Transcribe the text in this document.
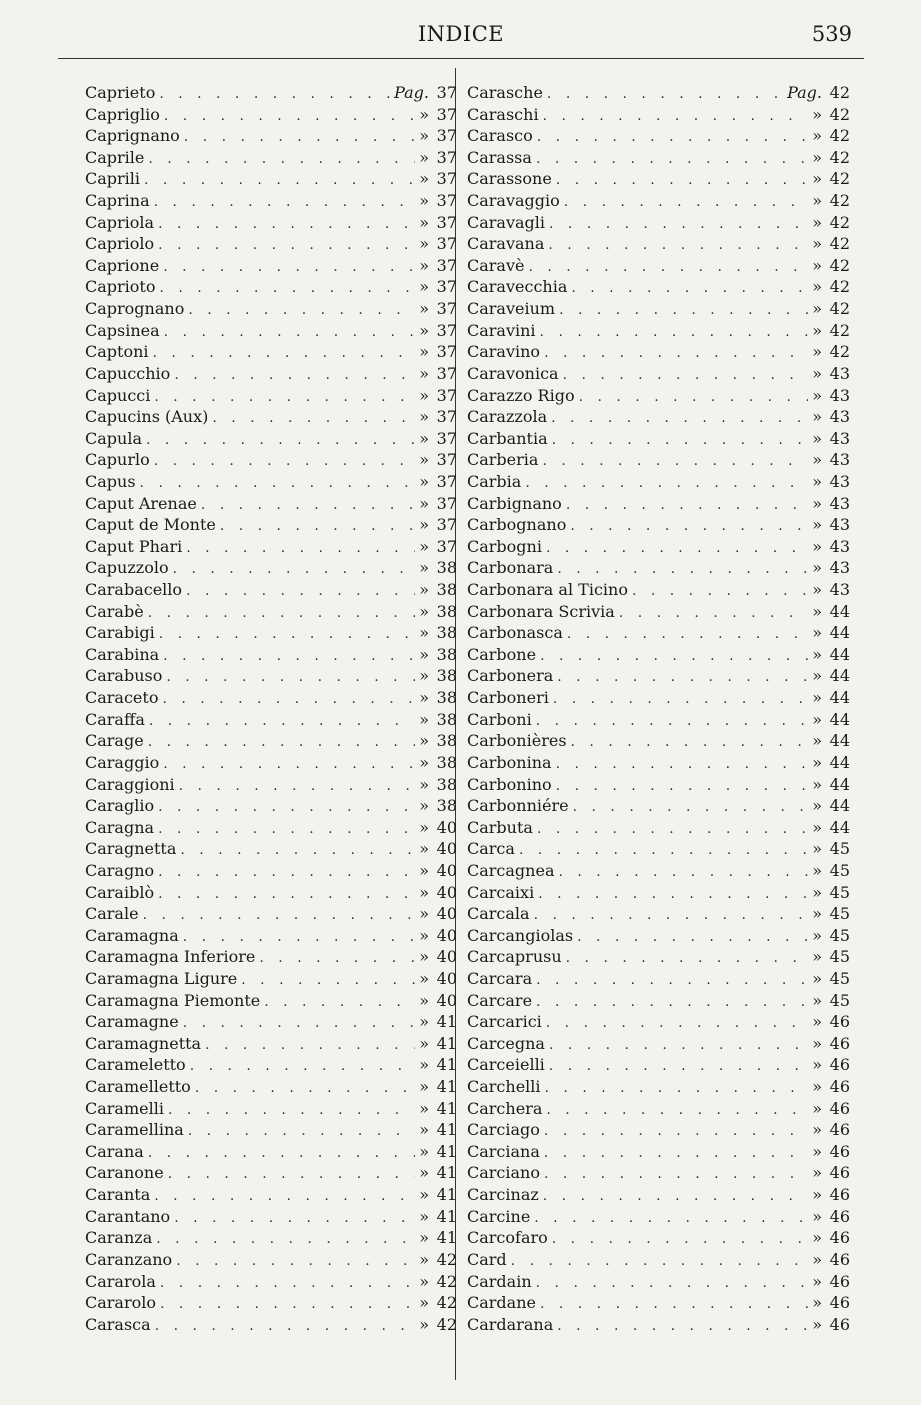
INDICE	539
Caprieto . . .	Pag. 37
Capriglio . . .	» 37
Caprignano . . .	» 37
Caprile . . .	» 37
Caprili . . .	» 37
Caprina . . .	» 37
Capriola . . .	» 37
Capriolo . . .	» 37
Caprione . . .	» 37
Caprioto . . .	» 37
Caprognano . . .	» 37
Capsinea . . .	» 37
Captoni . . .	» 37
Capucchio . . .	» 37
Capucci . . .	» 37
Capucins (Aux) . . .	» 37
Capula . . .	» 37
Capurlo . . .	» 37
Capus . . .	» 37
Caput Arenae . . .	» 37
Caput de Monte . . .	» 37
Caput Phari . . .	» 37
Capuzzolo . . .	» 38
Carabacello . . .	» 38
Carabè . . .	» 38
Carabigi . . .	» 38
Carabina . . .	» 38
Carabuso . . .	» 38
Caraceto . . .	» 38
Caraffa . . .	» 38
Carage . . .	» 38
Caraggio . . .	» 38
Caraggioni . . .	» 38
Caraglio . . .	» 38
Caragna . . .	» 40
Caragnetta . . .	» 40
Caragno . . .	» 40
Caraiblò . . .	» 40
Carale . . .	» 40
Caramagna . . .	» 40
Caramagna Inferiore . . .	» 40
Caramagna Ligure . . .	» 40
Caramagna Piemonte . . .	» 40
Caramagne . . .	» 41
Caramagnetta . . .	» 41
Carameletto . . .	» 41
Caramelletto . . .	» 41
Caramelli . . .	» 41
Caramellina . . .	» 41
Carana . . .	» 41
Caranone . . .	» 41
Caranta . . .	» 41
Carantano . . .	» 41
Caranza . . .	» 41
Caranzano . . .	» 42
Cararola . . .	» 42
Cararolo . . .	» 42
Carasca . . .	» 42
Carasche . . .	Pag. 42
Caraschi . . .	» 42
Carasco . . .	» 42
Carassa . . .	» 42
Carassone . . .	» 42
Caravaggio . . .	» 42
Caravagli . . .	» 42
Caravana . . .	» 42
Caravè . . .	» 42
Caravecchia . . .	» 42
Caraveium . . .	» 42
Caravini . . .	» 42
Caravino . . .	» 42
Caravonica . . .	» 43
Carazzo Rigo . . .	» 43
Carazzola . . .	» 43
Carbantia . . .	» 43
Carberia . . .	» 43
Carbia . . .	» 43
Carbignano . . .	» 43
Carbognano . . .	» 43
Carbogni . . .	» 43
Carbonara . . .	» 43
Carbonara al Ticino . . .	» 43
Carbonara Scrivia . . .	» 44
Carbonasca . . .	» 44
Carbone . . .	» 44
Carbonera . . .	» 44
Carboneri . . .	» 44
Carboni . . .	» 44
Carbonières . . .	» 44
Carbonina . . .	» 44
Carbonino . . .	» 44
Carbonniére . . .	» 44
Carbuta . . .	» 44
Carca . . .	» 45
Carcagnea . . .	» 45
Carcaixi . . .	» 45
Carcala . . .	» 45
Carcangiolas . . .	» 45
Carcaprusu . . .	» 45
Carcara . . .	» 45
Carcare . . .	» 45
Carcarici . . .	» 46
Carcegna . . .	» 46
Carceielli . . .	» 46
Carchelli . . .	» 46
Carchera . . .	» 46
Carciago . . .	» 46
Carciana . . .	» 46
Carciano . . .	» 46
Carcinaz . . .	» 46
Carcine . . .	» 46
Carcofaro . . .	» 46
Card . . .	» 46
Cardain . . .	» 46
Cardane . . .	» 46
Cardarana . . .	» 46
